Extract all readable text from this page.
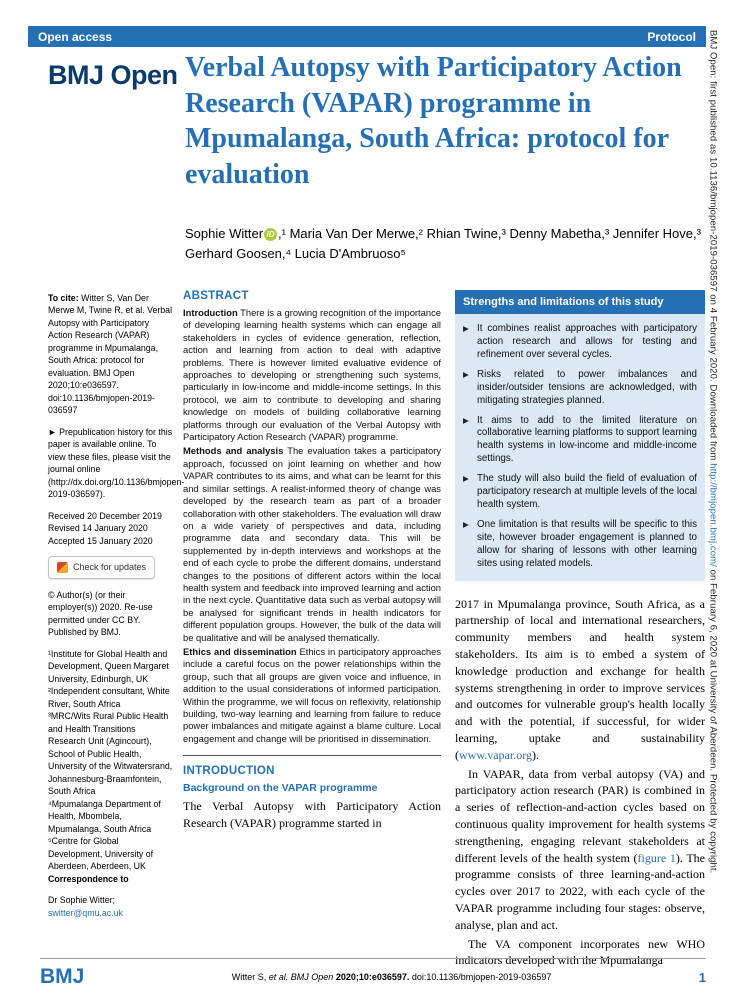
Open access	Protocol BMJ Open: first published as 10.1136/bmjopen-2019-036597 on 4 February 2020. Downloaded from http://bmjopen.bmj.com/ on February 6, 2020 at University of Aberdeen. Protected by copyright.
BMJ Open Verbal Autopsy with Participatory Action Research (VAPAR) programme in Mpumalanga, South Africa: protocol for evaluation
Sophie Witter iD ,¹ Maria Van Der Merwe,² Rhian Twine,³ Denny Mabetha,³ Jennifer Hove,³ Gerhard Goosen,⁴ Lucia D'Ambruoso⁵

To cite: Witter S, Van Der Merwe M, Twine R, et al. Verbal Autopsy with Participatory Action Research (VAPAR) programme in Mpumalanga, South Africa: protocol for evaluation. BMJ Open 2020;10:e036597. doi:10.1136/bmjopen-2019-036597

► Prepublication history for this paper is available online. To view these files, please visit the journal online (http://dx.doi.org/10.1136/bmjopen-2019-036597).

Received 20 December 2019
Revised 14 January 2020
Accepted 15 January 2020
Check for updates

© Author(s) (or their employer(s)) 2020. Re-use permitted under CC BY. Published by BMJ.

¹Institute for Global Health and Development, Queen Margaret University, Edinburgh, UK

²Independent consultant, White River, South Africa

³MRC/Wits Rural Public Health and Health Transitions Research Unit (Agincourt), School of Public Health, University of the Witwatersrand, Johannesburg-Braamfontein, South Africa

⁴Mpumalanga Department of Health, Mbombela, Mpumalanga, South Africa

⁵Centre for Global Development, University of Aberdeen, Aberdeen, UK

Correspondence to

Dr Sophie Witter;
switter@qmu.ac.uk

ABSTRACT

Introduction There is a growing recognition of the importance of developing learning health systems which can engage all stakeholders in cycles of evidence generation, reflection, action and learning from action to deal with adaptive problems. There is however limited evaluative evidence of approaches to developing or strengthening such systems, particularly in low-income and middle-income settings. In this protocol, we aim to contribute to developing and sharing knowledge on models of building collaborative learning platforms through our evaluation of the Verbal Autopsy with Participatory Action Research (VAPAR) programme.

Methods and analysis The evaluation takes a participatory approach, focussed on joint learning on whether and how VAPAR contributes to its aims, and what can be learnt for this and similar settings. A realist-informed theory of change was developed by the research team as part of a broader collaboration with other stakeholders. The evaluation will draw on a wide variety of perspectives and data, including programme data and secondary data. This will be supplemented by in-depth interviews and workshops at the end of each cycle to probe the different domains, understand changes to the positions of different actors within the local health system and feedback into improved learning and action in the next cycle. Quantitative data such as verbal autopsy will be analysed for significant trends in health indicators for different population groups. However, the bulk of the data will be qualitative and will be analysed thematically.

Ethics and dissemination Ethics in participatory approaches include a careful focus on the power relationships within the group, such that all groups are given voice and influence, in addition to the usual considerations of informed participation. Within the programme, we will focus on reflexivity, relationship building, two-way learning and learning from failure to reduce power imbalances and mitigate against a blame culture. Local engagement and change will be prioritised in dissemination.

INTRODUCTION
Background on the VAPAR programme

The Verbal Autopsy with Participatory Action Research (VAPAR) programme started in

Strengths and limitations of this study
▶ It combines realist approaches with participatory action research and allows for testing and refinement over several cycles.
▶ Risks related to power imbalances and insider/outsider tensions are acknowledged, with mitigating strategies planned.
▶ It aims to add to the limited literature on collaborative learning platforms to support learning health systems in low-income and middle-income settings.
▶ The study will also build the field of evaluation of participatory research at multiple levels of the local health system.
▶ One limitation is that results will be specific to this site, however broader engagement is planned to allow for sharing of lessons with other learning sites using related models.

2017 in Mpumalanga province, South Africa, as a partnership of local and international researchers, community members and health system stakeholders. Its aim is to embed a system of knowledge production and exchange for health systems strengthening in order to improve services and outcomes for vulnerable group's health locally and with the potential, if successful, for wider learning, uptake and sustainability (www.vapar.org).

In VAPAR, data from verbal autopsy (VA) and participatory action research (PAR) is combined in a series of reflection-and-action cycles based on continuous quality improvement for health systems strengthening, engaging relevant stakeholders at different levels of the health system (figure 1). The programme consists of three learning-and-action cycles over 2017 to 2022, with each cycle of the VAPAR programme including four stages: observe, analyse, plan and act.

The VA component incorporates new WHO indicators developed with the Mpumalanga

BMJ	Witter S, et al. BMJ Open 2020;10:e036597. doi:10.1136/bmjopen-2019-036597	1
